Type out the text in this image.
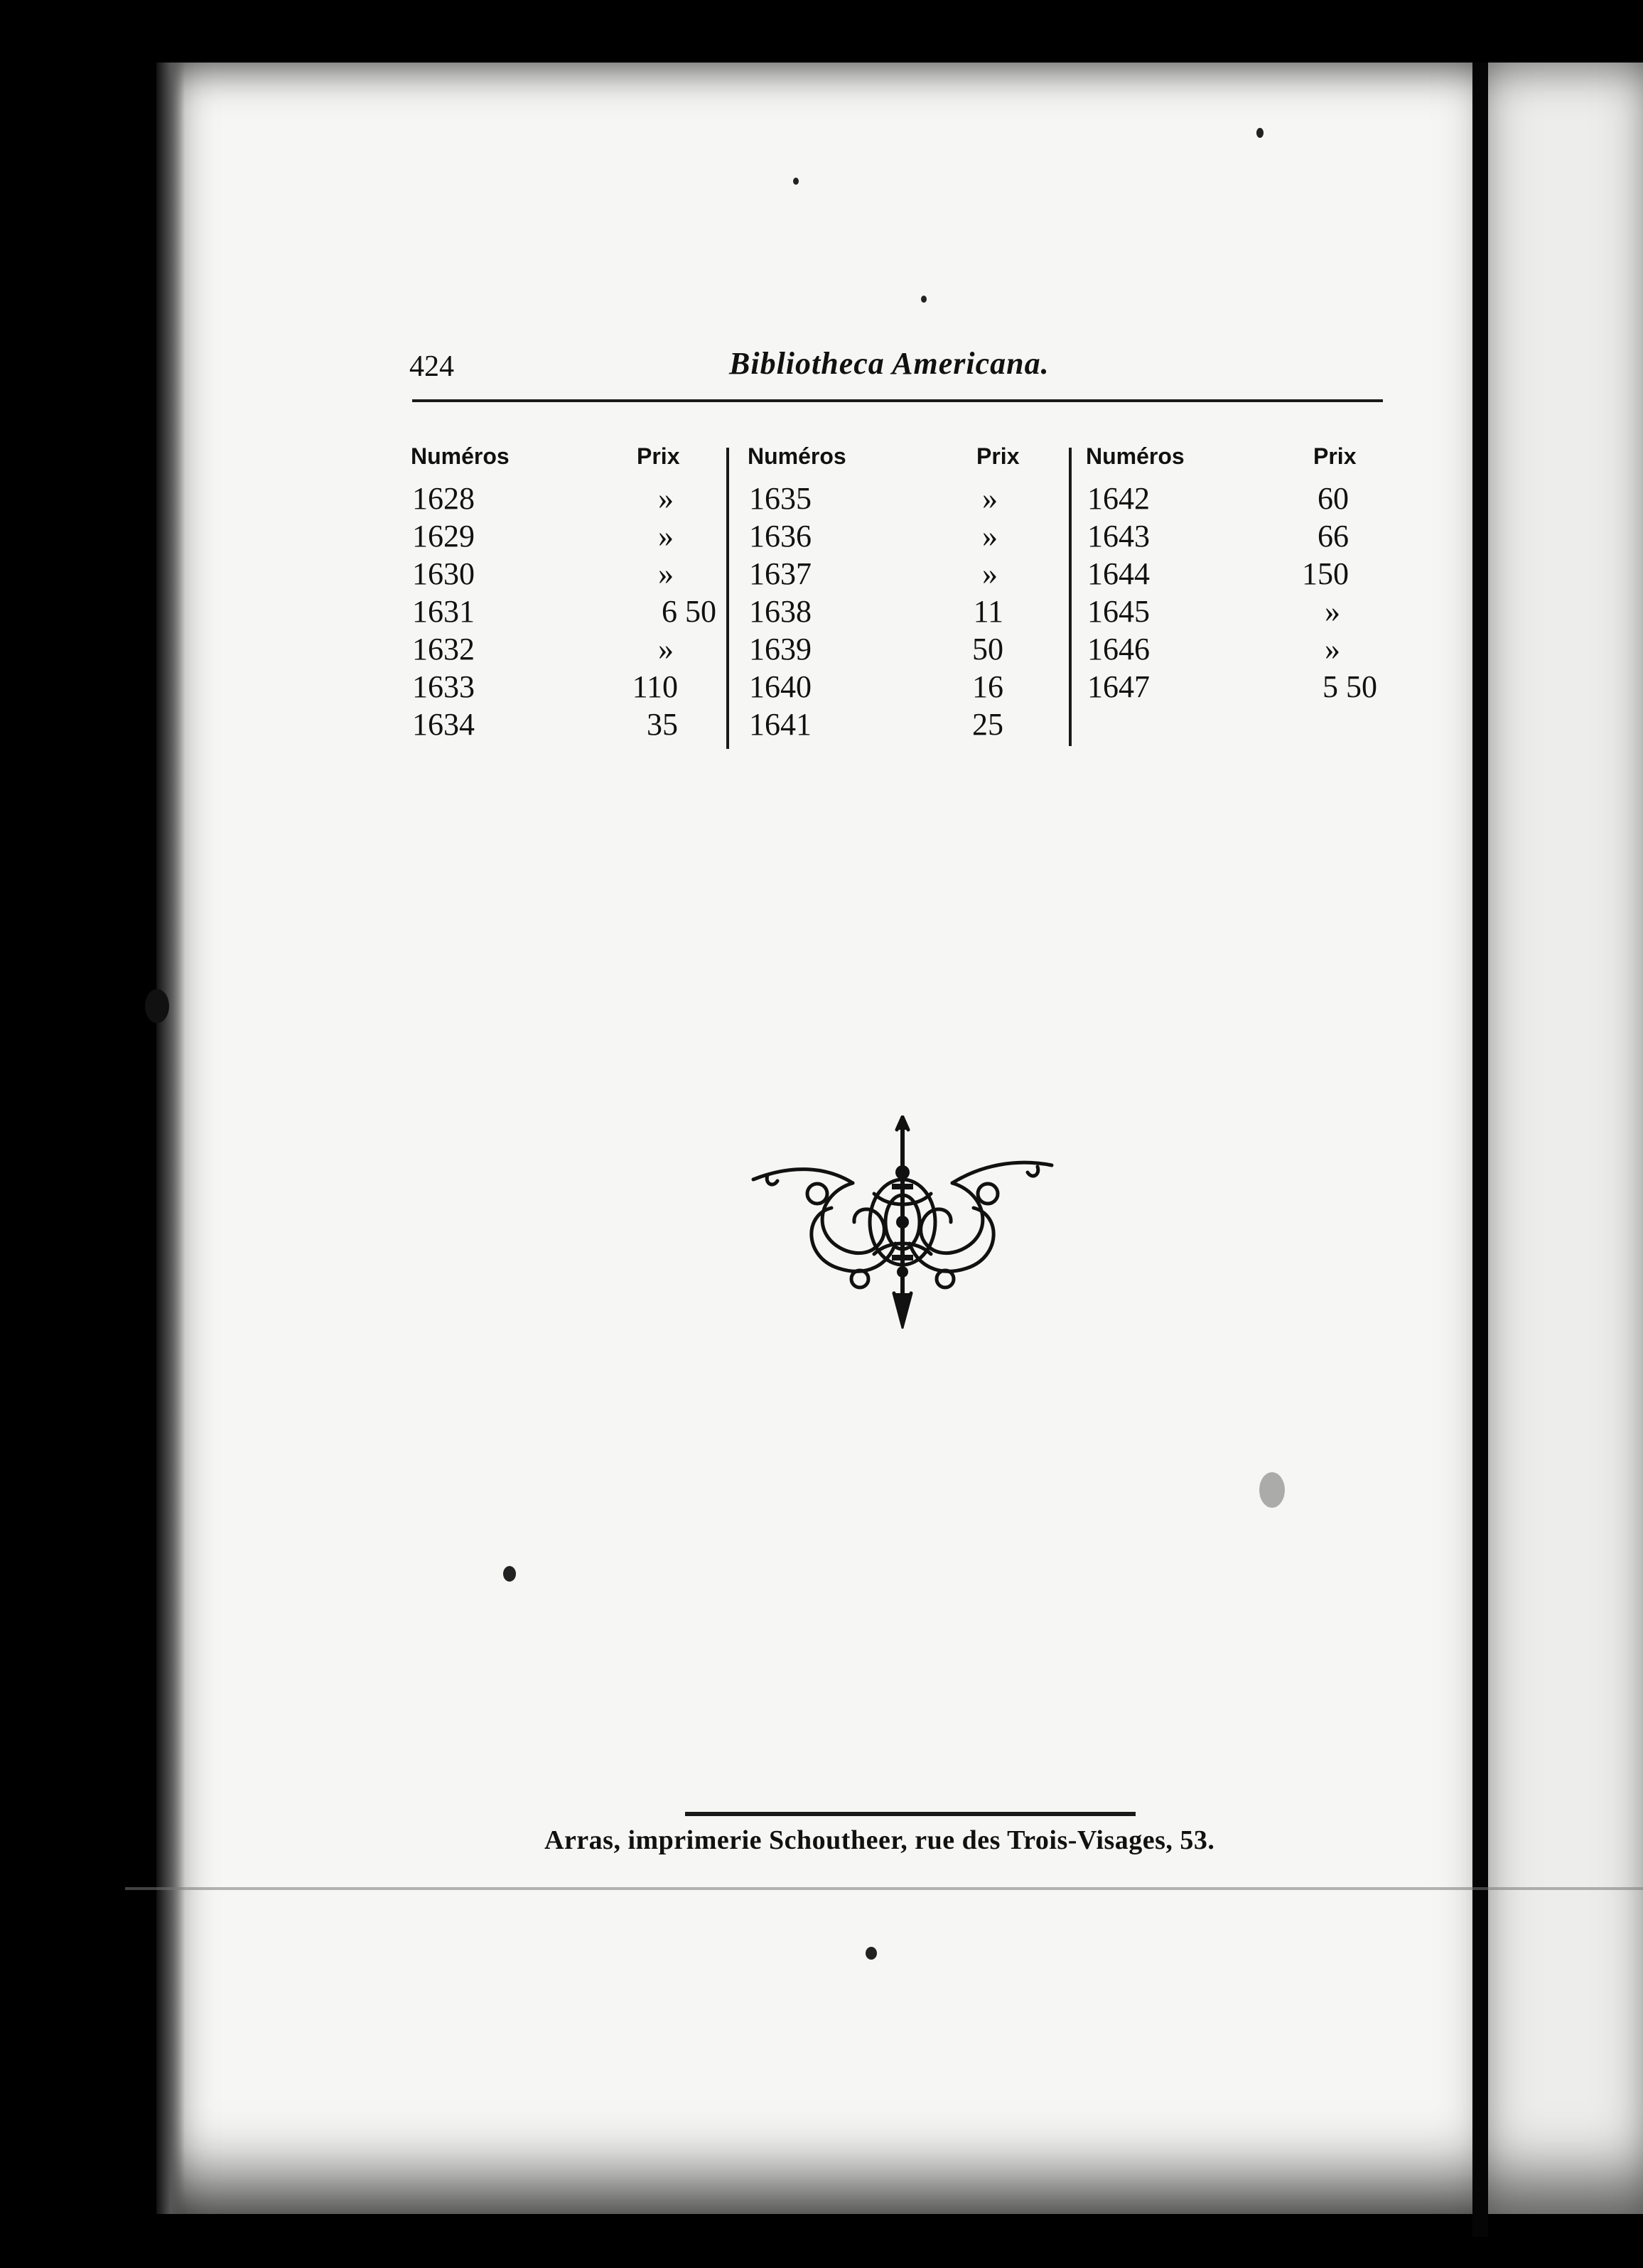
424	Bibliotheca Americana.
Numéros	Prix
1628	»
1629	»
1630	»
1631	6 50
1632	»
1633	110
1634	35
Numéros	Prix
1635	»
1636	»
1637	»
1638	11
1639	50
1640	16
1641	25
Numéros	Prix
1642	60
1643	66
1644	150
1645	»
1646	»
1647	5 50
Arras, imprimerie Schoutheer, rue des Trois-Visages, 53.
